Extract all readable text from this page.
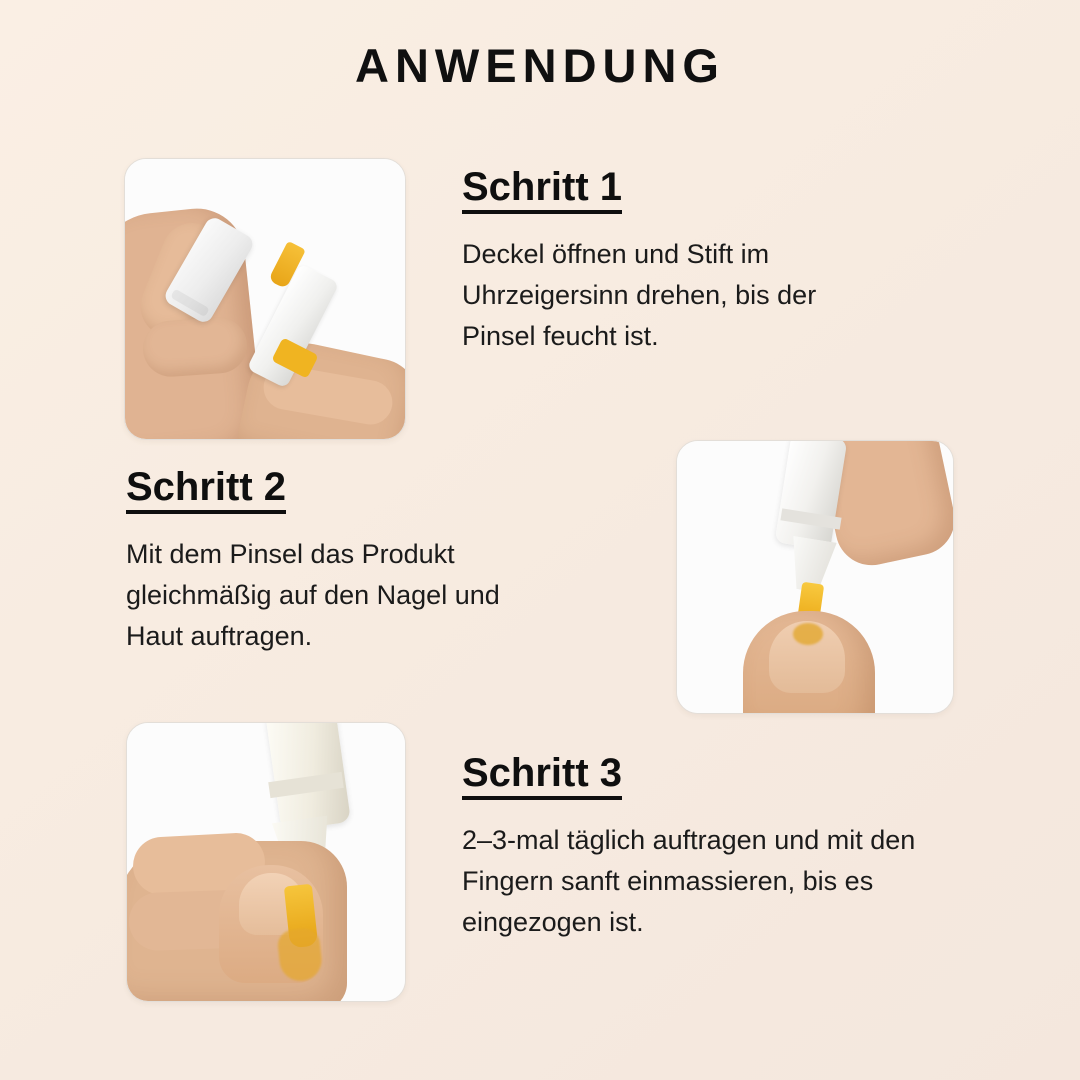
ANWENDUNG
Schritt 1
Deckel öffnen und Stift im Uhrzeigersinn drehen, bis der Pinsel feucht ist.
Schritt 2
Mit dem Pinsel das Produkt gleichmäßig auf den Nagel und Haut auftragen.
Schritt 3
2–3-mal täglich auftragen und mit den Fingern sanft einmassieren, bis es eingezogen ist.
